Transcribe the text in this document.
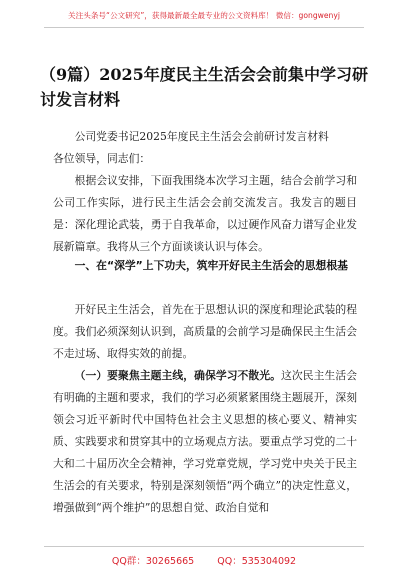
关注头条号“公文研究”，获得最新最全最专业的公文资料库！ 微信：gongwenyj
（9篇）2025年度民主生活会会前集中学习研讨发言材料
公司党委书记2025年度民主生活会会前研讨发言材料
各位领导，同志们：
根据会议安排，下面我围绕本次学习主题，结合会前学习和公司工作实际，进行民主生活会会前交流发言。我发言的题目是：深化理论武装，勇于自我革命，以过硬作风奋力谱写企业发展新篇章。我将从三个方面谈谈认识与体会。
一、在“深学”上下功夫，筑牢开好民主生活会的思想根基
开好民主生活会，首先在于思想认识的深度和理论武装的程度。我们必须深刻认识到，高质量的会前学习是确保民主生活会不走过场、取得实效的前提。
（一）要聚焦主题主线，确保学习不散光。这次民主生活会有明确的主题和要求，我们的学习必须紧紧围绕主题展开，深刻领会习近平新时代中国特色社会主义思想的核心要义、精神实质、实践要求和贯穿其中的立场观点方法。要重点学习党的二十大和二十届历次全会精神，学习党章党规，学习党中央关于民主生活会的有关要求，特别是深刻领悟“两个确立”的决定性意义，增强做到“两个维护”的思想自觉、政治自觉和
QQ群：30265665 QQ：535304092
